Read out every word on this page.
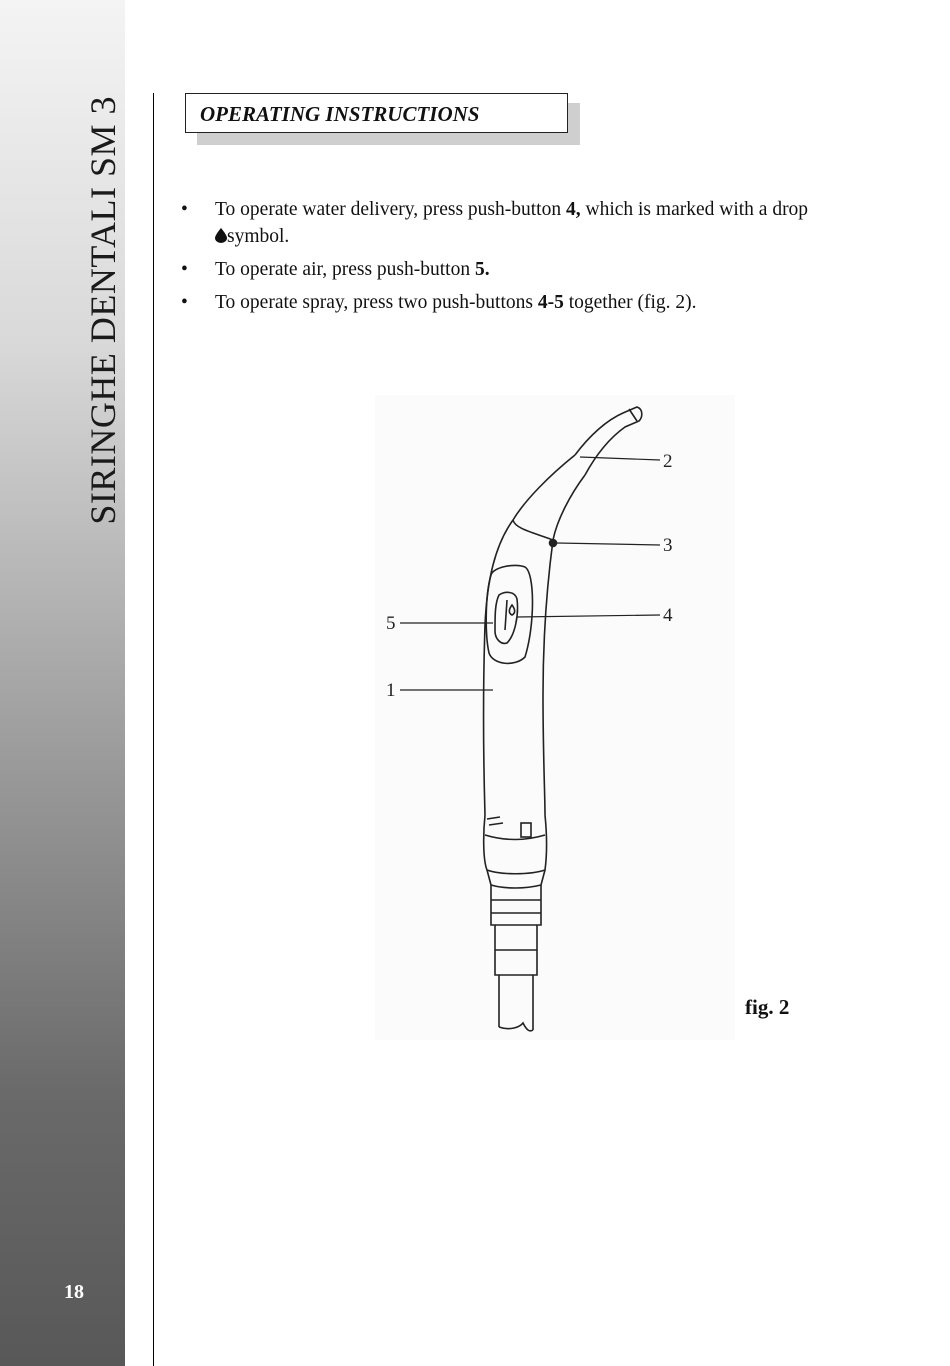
SIRINGHE DENTALI SM 3
18
OPERATING INSTRUCTIONS
• To operate water delivery, press push-button 4, which is marked with a drop
symbol.
• To operate air, press push-button 5.
• To operate spray, press two push-buttons 4-5 together (fig. 2).
2
3
4
5
1
fig. 2
